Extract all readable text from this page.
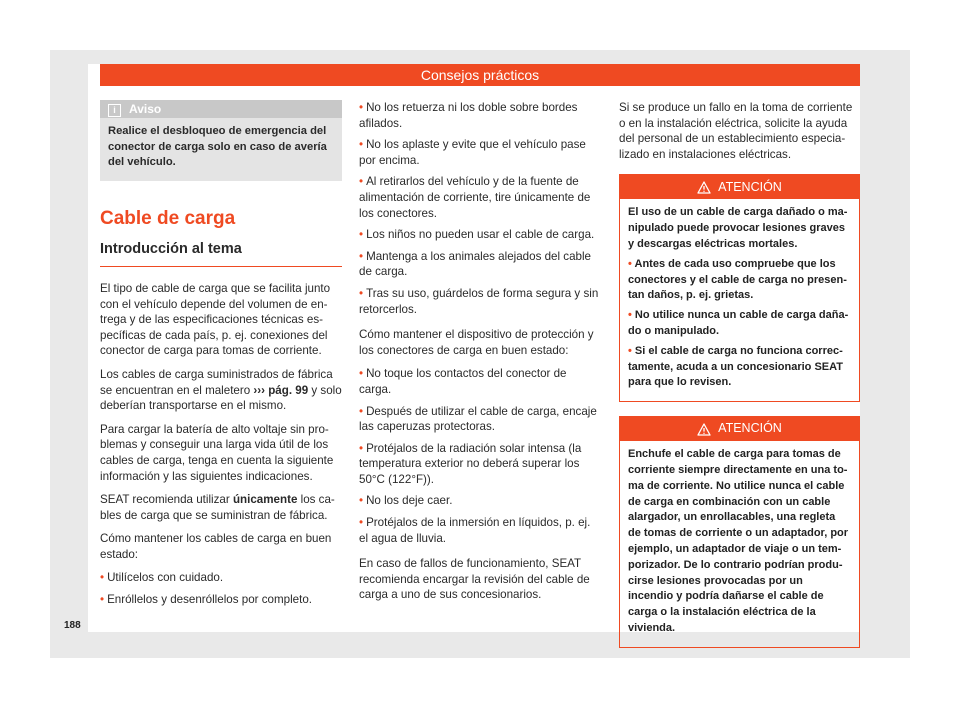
Consejos prácticos
i	Aviso
Realice el desbloqueo de emergencia del conector de carga solo en caso de avería del vehículo.
Cable de carga
Introducción al tema

El tipo de cable de carga que se facilita junto con el vehículo depende del volumen de entrega y de las especificaciones técnicas específicas de cada país, p. ej. conexiones del conector de carga para tomas de corriente.

Los cables de carga suministrados de fábrica se encuentran en el maletero ››› pág. 99 y solo deberían transportarse en el mismo.

Para cargar la batería de alto voltaje sin problemas y conseguir una larga vida útil de los cables de carga, tenga en cuenta la siguiente información y las siguientes indicaciones.

SEAT recomienda utilizar únicamente los cables de carga que se suministran de fábrica.

Cómo mantener los cables de carga en buen estado:

• Utilícelos con cuidado.
• Enróllelos y desenróllelos por completo.
• No los retuerza ni los doble sobre bordes afilados.
• No los aplaste y evite que el vehículo pase por encima.
• Al retirarlos del vehículo y de la fuente de alimentación de corriente, tire únicamente de los conectores.
• Los niños no pueden usar el cable de carga.
• Mantenga a los animales alejados del cable de carga.
• Tras su uso, guárdelos de forma segura y sin retorcerlos.

Cómo mantener el dispositivo de protección y los conectores de carga en buen estado:

• No toque los contactos del conector de carga.
• Después de utilizar el cable de carga, encaje las caperuzas protectoras.
• Protéjalos de la radiación solar intensa (la temperatura exterior no deberá superar los 50°C (122°F)).
• No los deje caer.
• Protéjalos de la inmersión en líquidos, p. ej. el agua de lluvia.

En caso de fallos de funcionamiento, SEAT recomienda encargar la revisión del cable de carga a uno de sus concesionarios.

Si se produce un fallo en la toma de corriente o en la instalación eléctrica, solicite la ayuda del personal de un establecimiento especializado en instalaciones eléctricas.

ATENCIÓN

El uso de un cable de carga dañado o manipulado puede provocar lesiones graves y descargas eléctricas mortales.

• Antes de cada uso compruebe que los conectores y el cable de carga no presentan daños, p. ej. grietas.

• No utilice nunca un cable de carga dañado o manipulado.

• Si el cable de carga no funciona correctamente, acuda a un concesionario SEAT para que lo revisen.

ATENCIÓN

Enchufe el cable de carga para tomas de corriente siempre directamente en una toma de corriente. No utilice nunca el cable de carga en combinación con un cable alargador, un enrollacables, una regleta de tomas de corriente o un adaptador, por ejemplo, un adaptador de viaje o un temporizador. De lo contrario podrían producirse lesiones provocadas por un incendio y podría dañarse el cable de carga o la instalación eléctrica de la vivienda.

188
